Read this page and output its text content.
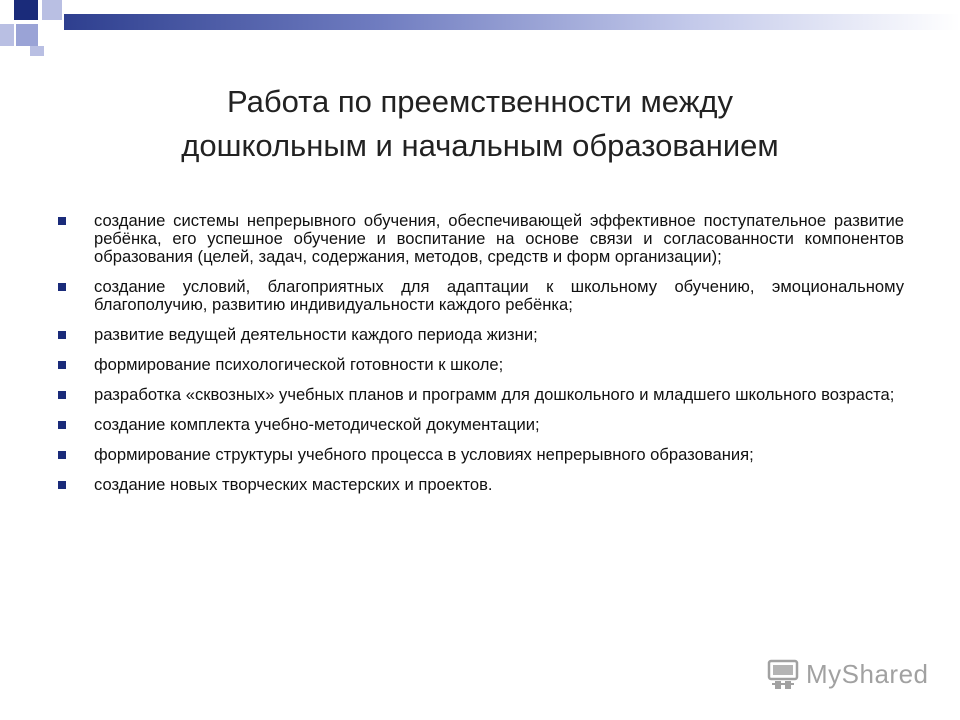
Работа по преемственности между
дошкольным и начальным образованием
создание системы непрерывного обучения, обеспечивающей эффективное поступательное развитие ребёнка, его успешное обучение и воспитание на основе связи и согласованности компонентов образования (целей, задач, содержания, методов, средств и форм организации);
создание условий, благоприятных для адаптации к школьному обучению, эмоциональному благополучию, развитию индивидуальности каждого ребёнка;
развитие ведущей деятельности каждого периода жизни;
формирование психологической готовности к школе;
разработка «сквозных» учебных планов и программ для дошкольного и младшего школьного возраста;
создание комплекта учебно-методической документации;
формирование структуры учебного процесса в условиях непрерывного образования;
создание новых творческих мастерских и проектов.
MyShared
